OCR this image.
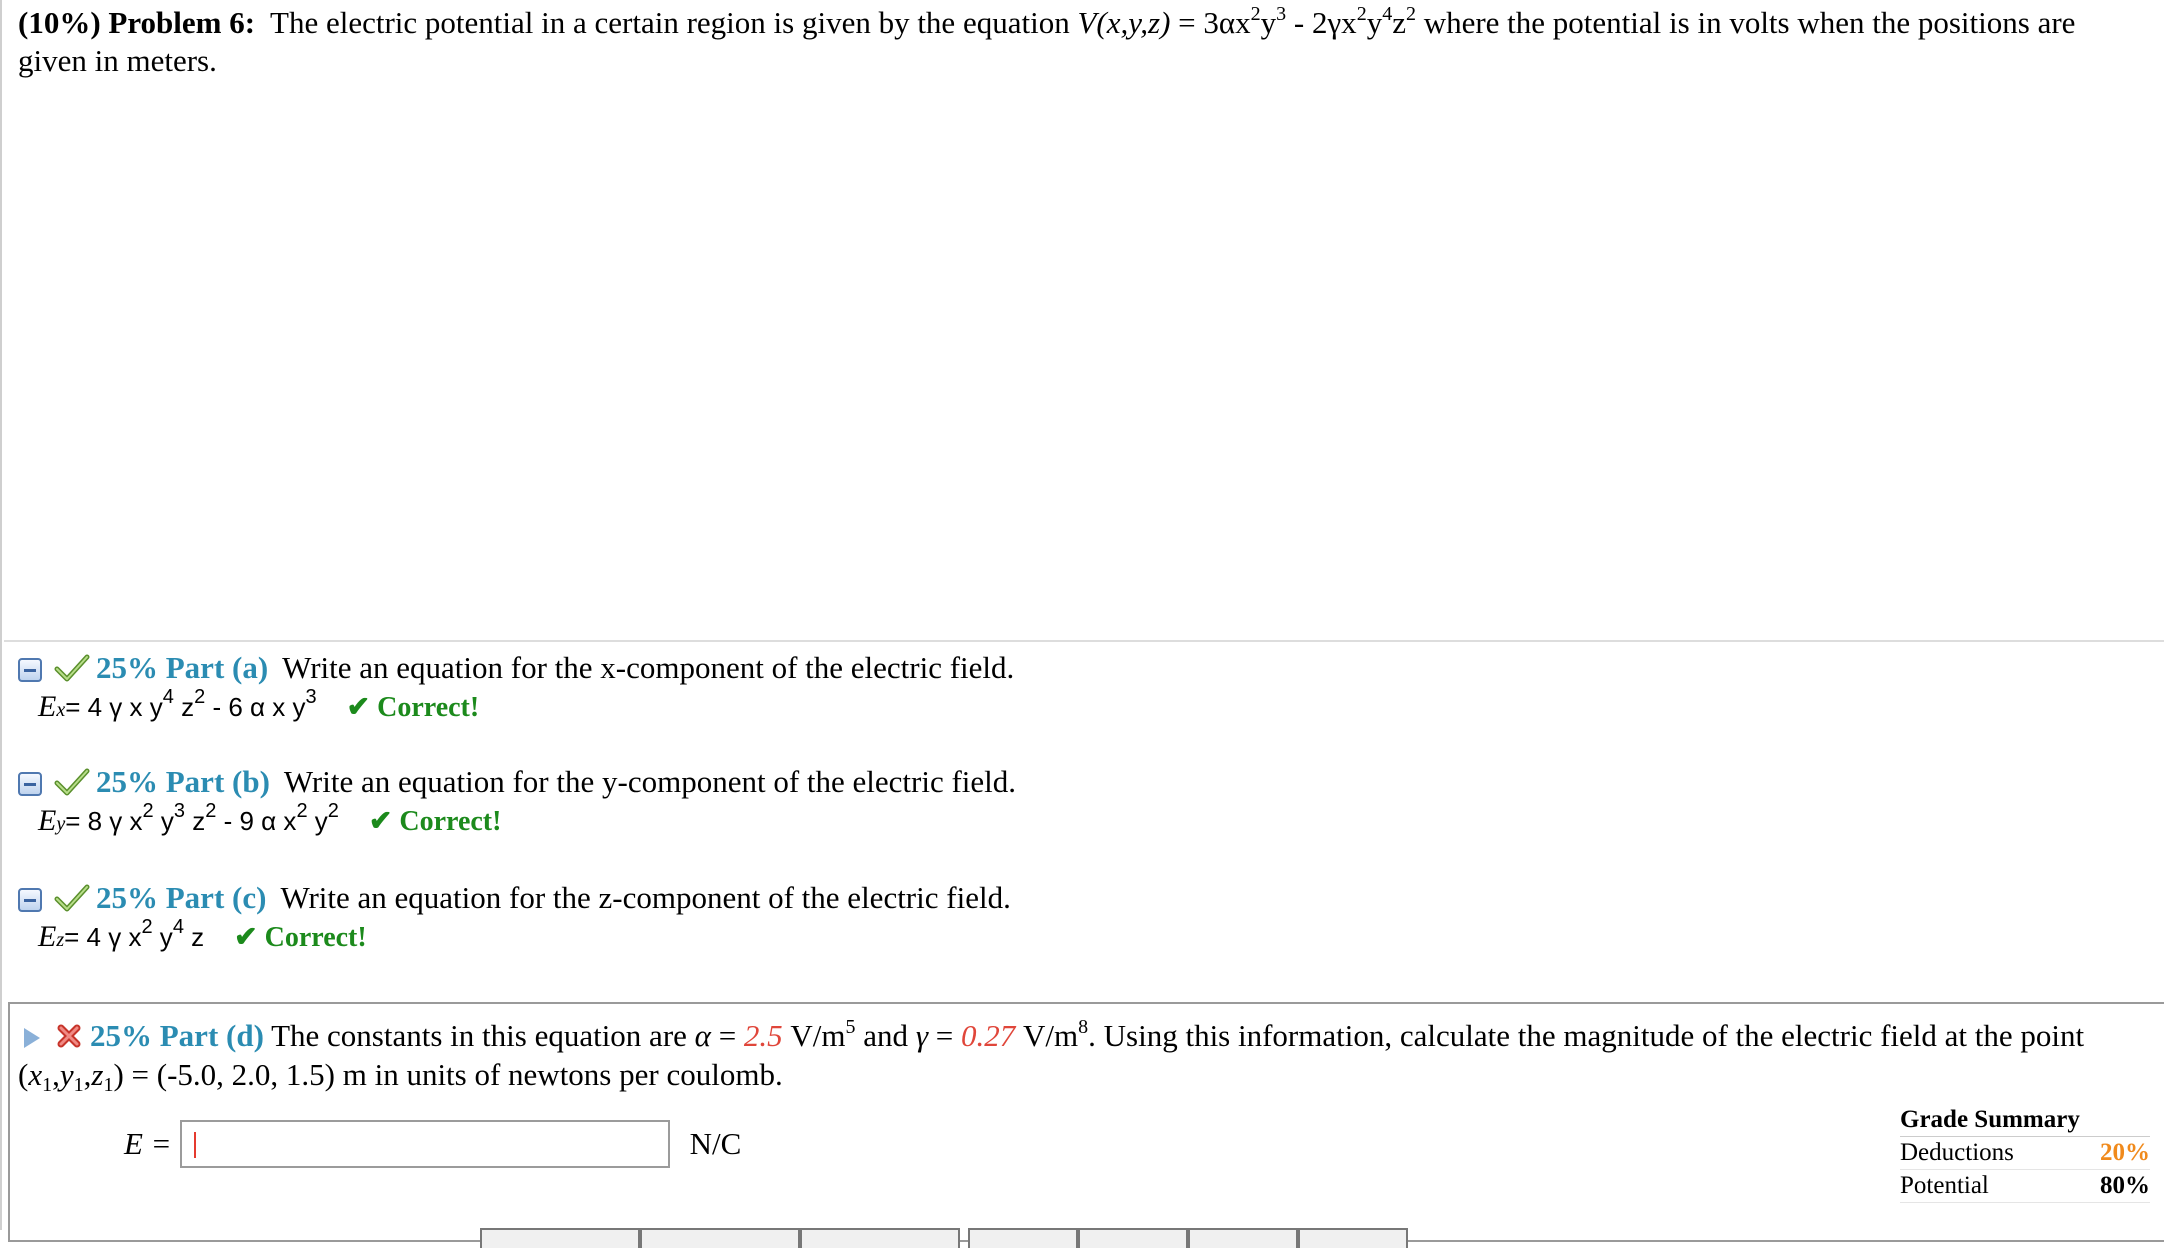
(10%) Problem 6: The electric potential in a certain region is given by the equation $V(x,y,z) = 3\alpha x^2y^3 - 2\gamma x^2y^4z^2$ where the potential is in volts when the positions are given in meters.
25% Part (a) Write an equation for the x-component of the electric field.
E x = 4 γ x $y^4$ $z^2 - 6$ α x $y^3$ ✔ Correct!
25% Part (b) Write an equation for the y-component of the electric field.
E y = 8 γ $x^2$ $y^3$ $z^2 - 9$ α $x^2$ $y^2$ ✔ Correct!
25% Part (c) Write an equation for the z-component of the electric field.
E z = 4 γ $x^2$ $y^4$ z ✔ Correct!
25% Part (d) The constants in this equation are α = 2.5 $V/m^5$ and γ = 0.27 $V/m^8$. Using this information, calculate the magnitude of the electric field at the point $(x_1,y_1,z_1) = (-5.0$, 2.0, 1.5) m in units of newtons per coulomb.
E =	N/C
Grade Summary
Deductions	20%
Potential	80%
